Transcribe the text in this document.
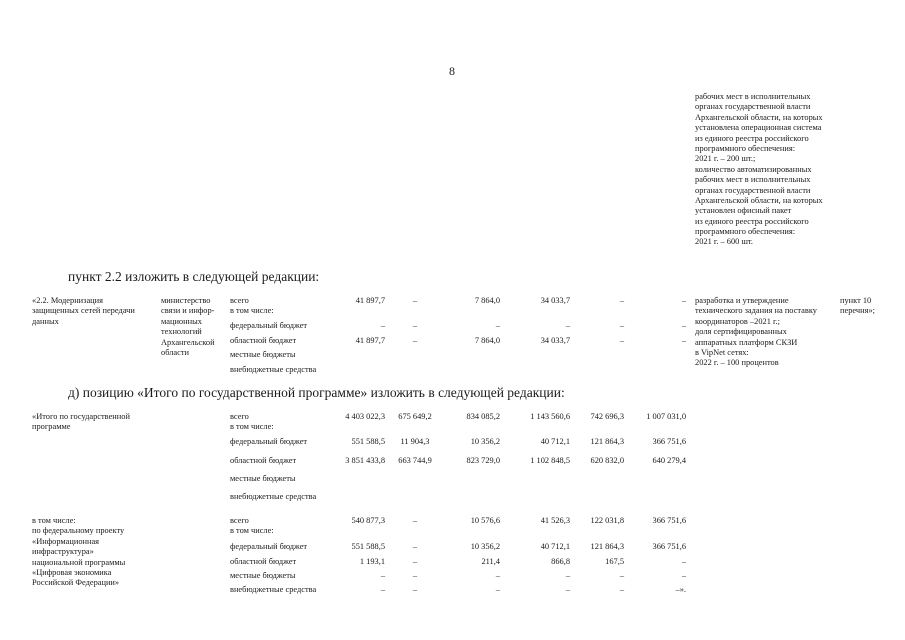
8
рабочих мест в исполнительных
органах государственной власти
Архангельской области, на которых
установлена операционная система
из единого реестра российского
программного обеспечения:
2021 г. – 200 шт.;
количество автоматизированных
рабочих мест в исполнительных
органах государственной власти
Архангельской области, на которых
установлен офисный пакет
из единого реестра российского
программного обеспечения:
2021 г. – 600 шт.
пункт 2.2 изложить в следующей редакции:
«2.2. Модернизация
защищенных сетей передачи
данных
министерство
связи и инфор-
мационных
технологий
Архангельской
области
всего	41 897,7	–	7 864,0	34 033,7	–	–
в том числе:
федеральный бюджет	–	–	–	–	–	–
областной бюджет	41 897,7	–	7 864,0	34 033,7	–	–
местные бюджеты
внебюджетные средства
разработка и утверждение
технического задания на поставку
координаторов –2021 г.;
доля сертифицированных
аппаратных платформ СКЗИ
в VipNet сетях:
2022 г. – 100 процентов
пункт 10
перечня»;
д) позицию «Итого по государственной программе» изложить в следующей редакции:
«Итого по государственной
программе
всего	4 403 022,3	675 649,2	834 085,2	1 143 560,6	742 696,3	1 007 031,0
в том числе:
федеральный бюджет	551 588,5	11 904,3	10 356,2	40 712,1	121 864,3	366 751,6
областной бюджет	3 851 433,8	663 744,9	823 729,0	1 102 848,5	620 832,0	640 279,4
местные бюджеты
внебюджетные средства
в том числе:
по федеральному проекту
«Информационная
инфраструктура»
национальной программы
«Цифровая экономика
Российской Федерации»
всего	540 877,3	–	10 576,6	41 526,3	122 031,8	366 751,6
в том числе:
федеральный бюджет	551 588,5	–	10 356,2	40 712,1	121 864,3	366 751,6
областной бюджет	1 193,1	–	211,4	866,8	167,5	–
местные бюджеты	–	–	–	–	–	–
внебюджетные средства	–	–	–	–	–	–».
